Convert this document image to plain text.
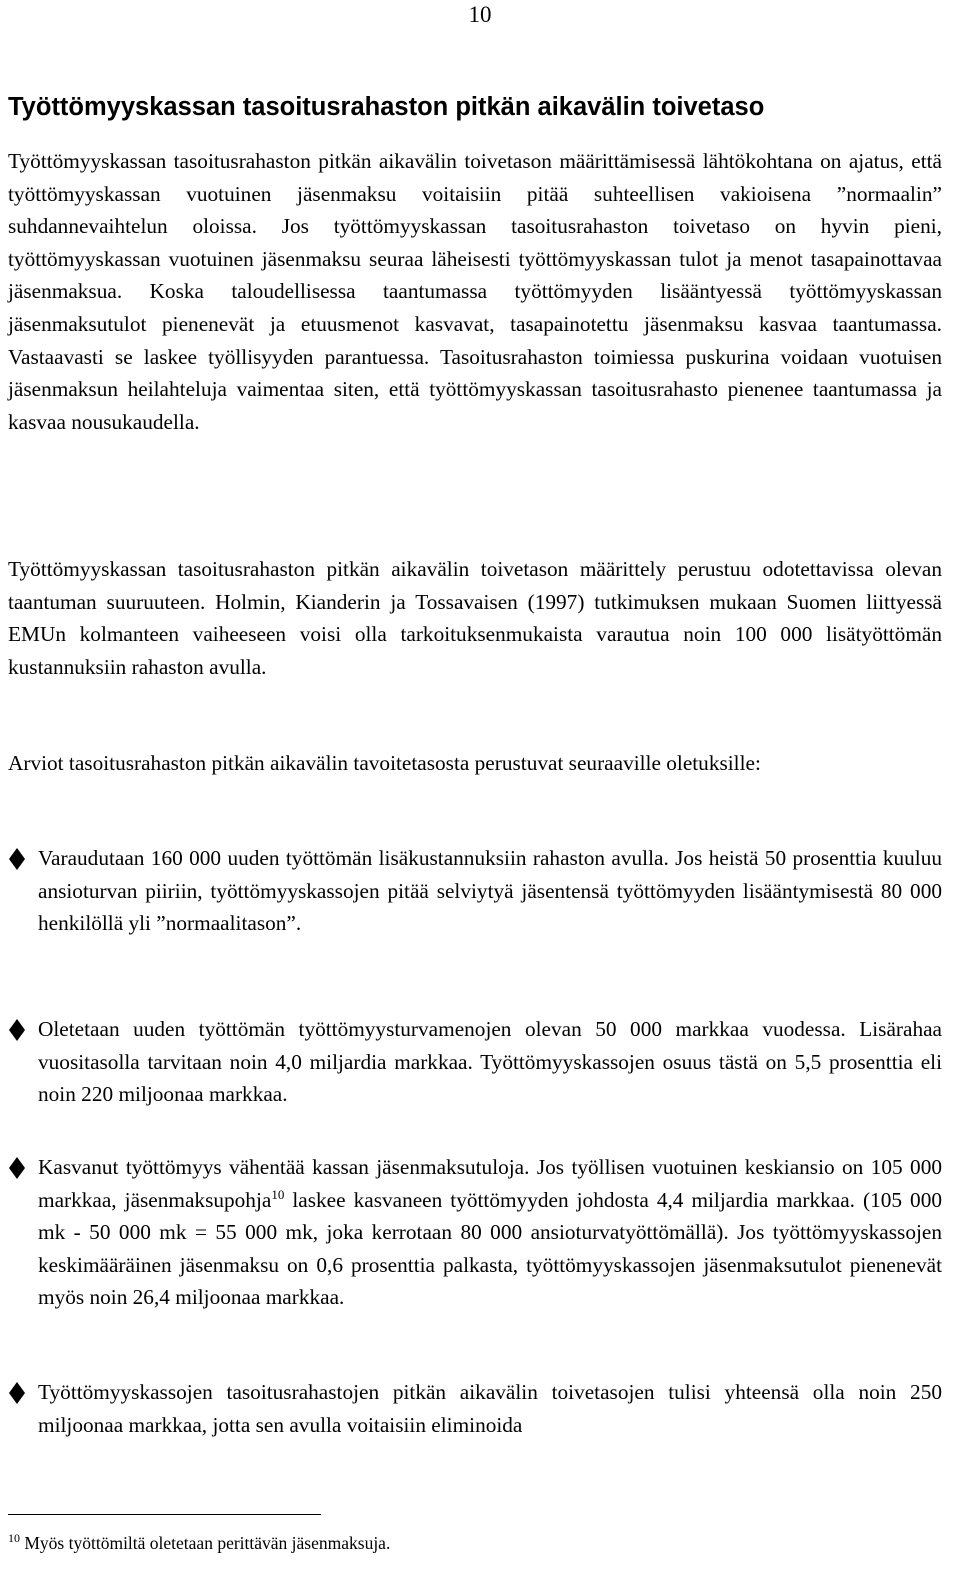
10
Työttömyyskassan tasoitusrahaston pitkän aikavälin toivetaso

Työttömyyskassan tasoitusrahaston pitkän aikavälin toivetason määrittämisessä lähtökohtana on ajatus, että työttömyyskassan vuotuinen jäsenmaksu voitaisiin pitää suhteellisen vakioisena ”normaalin” suhdannevaihtelun oloissa. Jos työttömyyskassan tasoitusrahaston toivetaso on hyvin pieni, työttömyyskassan vuotuinen jäsenmaksu seuraa läheisesti työttömyyskassan tulot ja menot tasapainottavaa jäsenmaksua. Koska taloudellisessa taantumassa työttömyyden lisääntyessä työttömyyskassan jäsenmaksutulot pienenevät ja etuusmenot kasvavat, tasapainotettu jäsenmaksu kasvaa taantumassa. Vastaavasti se laskee työllisyyden parantuessa. Tasoitusrahaston toimiessa puskurina voidaan vuotuisen jäsenmaksun heilahteluja vaimentaa siten, että työttömyyskassan tasoitusrahasto pienenee taantumassa ja kasvaa nousukaudella.

Työttömyyskassan tasoitusrahaston pitkän aikavälin toivetason määrittely perustuu odotettavissa olevan taantuman suuruuteen. Holmin, Kianderin ja Tossavaisen (1997) tutkimuksen mukaan Suomen liittyessä EMUn kolmanteen vaiheeseen voisi olla tarkoituksenmukaista varautua noin 100 000 lisätyöttömän kustannuksiin rahaston avulla.

Arviot tasoitusrahaston pitkän aikavälin tavoitetasosta perustuvat seuraaville oletuksille:

Varaudutaan 160 000 uuden työttömän lisäkustannuksiin rahaston avulla. Jos heistä 50 prosenttia kuuluu ansioturvan piiriin, työttömyyskassojen pitää selviytyä jäsentensä työttömyyden lisääntymisestä 80 000 henkilöllä yli ”normaalitason”.

Oletetaan uuden työttömän työttömyysturvamenojen olevan 50 000 markkaa vuodessa. Lisärahaa vuositasolla tarvitaan noin 4,0 miljardia markkaa. Työttömyyskassojen osuus tästä on 5,5 prosenttia eli noin 220 miljoonaa markkaa.

Kasvanut työttömyys vähentää kassan jäsenmaksutuloja. Jos työllisen vuotuinen keskiansio on 105 000 markkaa, jäsenmaksupohja$^{10}$ laskee kasvaneen työttömyyden johdosta 4,4 miljardia markkaa. (105 000 mk - 50 000 mk = 55 000 mk, joka kerrotaan 80 000 ansioturvatyöttömällä). Jos työttömyyskassojen keskimääräinen jäsenmaksu on 0,6 prosenttia palkasta, työttömyyskassojen jäsenmaksutulot pienenevät myös noin 26,4 miljoonaa markkaa.

Työttömyyskassojen tasoitusrahastojen pitkän aikavälin toivetasojen tulisi yhteensä olla noin 250 miljoonaa markkaa, jotta sen avulla voitaisiin eliminoida

$^{10}$ Myös työttömiltä oletetaan perittävän jäsenmaksuja.
